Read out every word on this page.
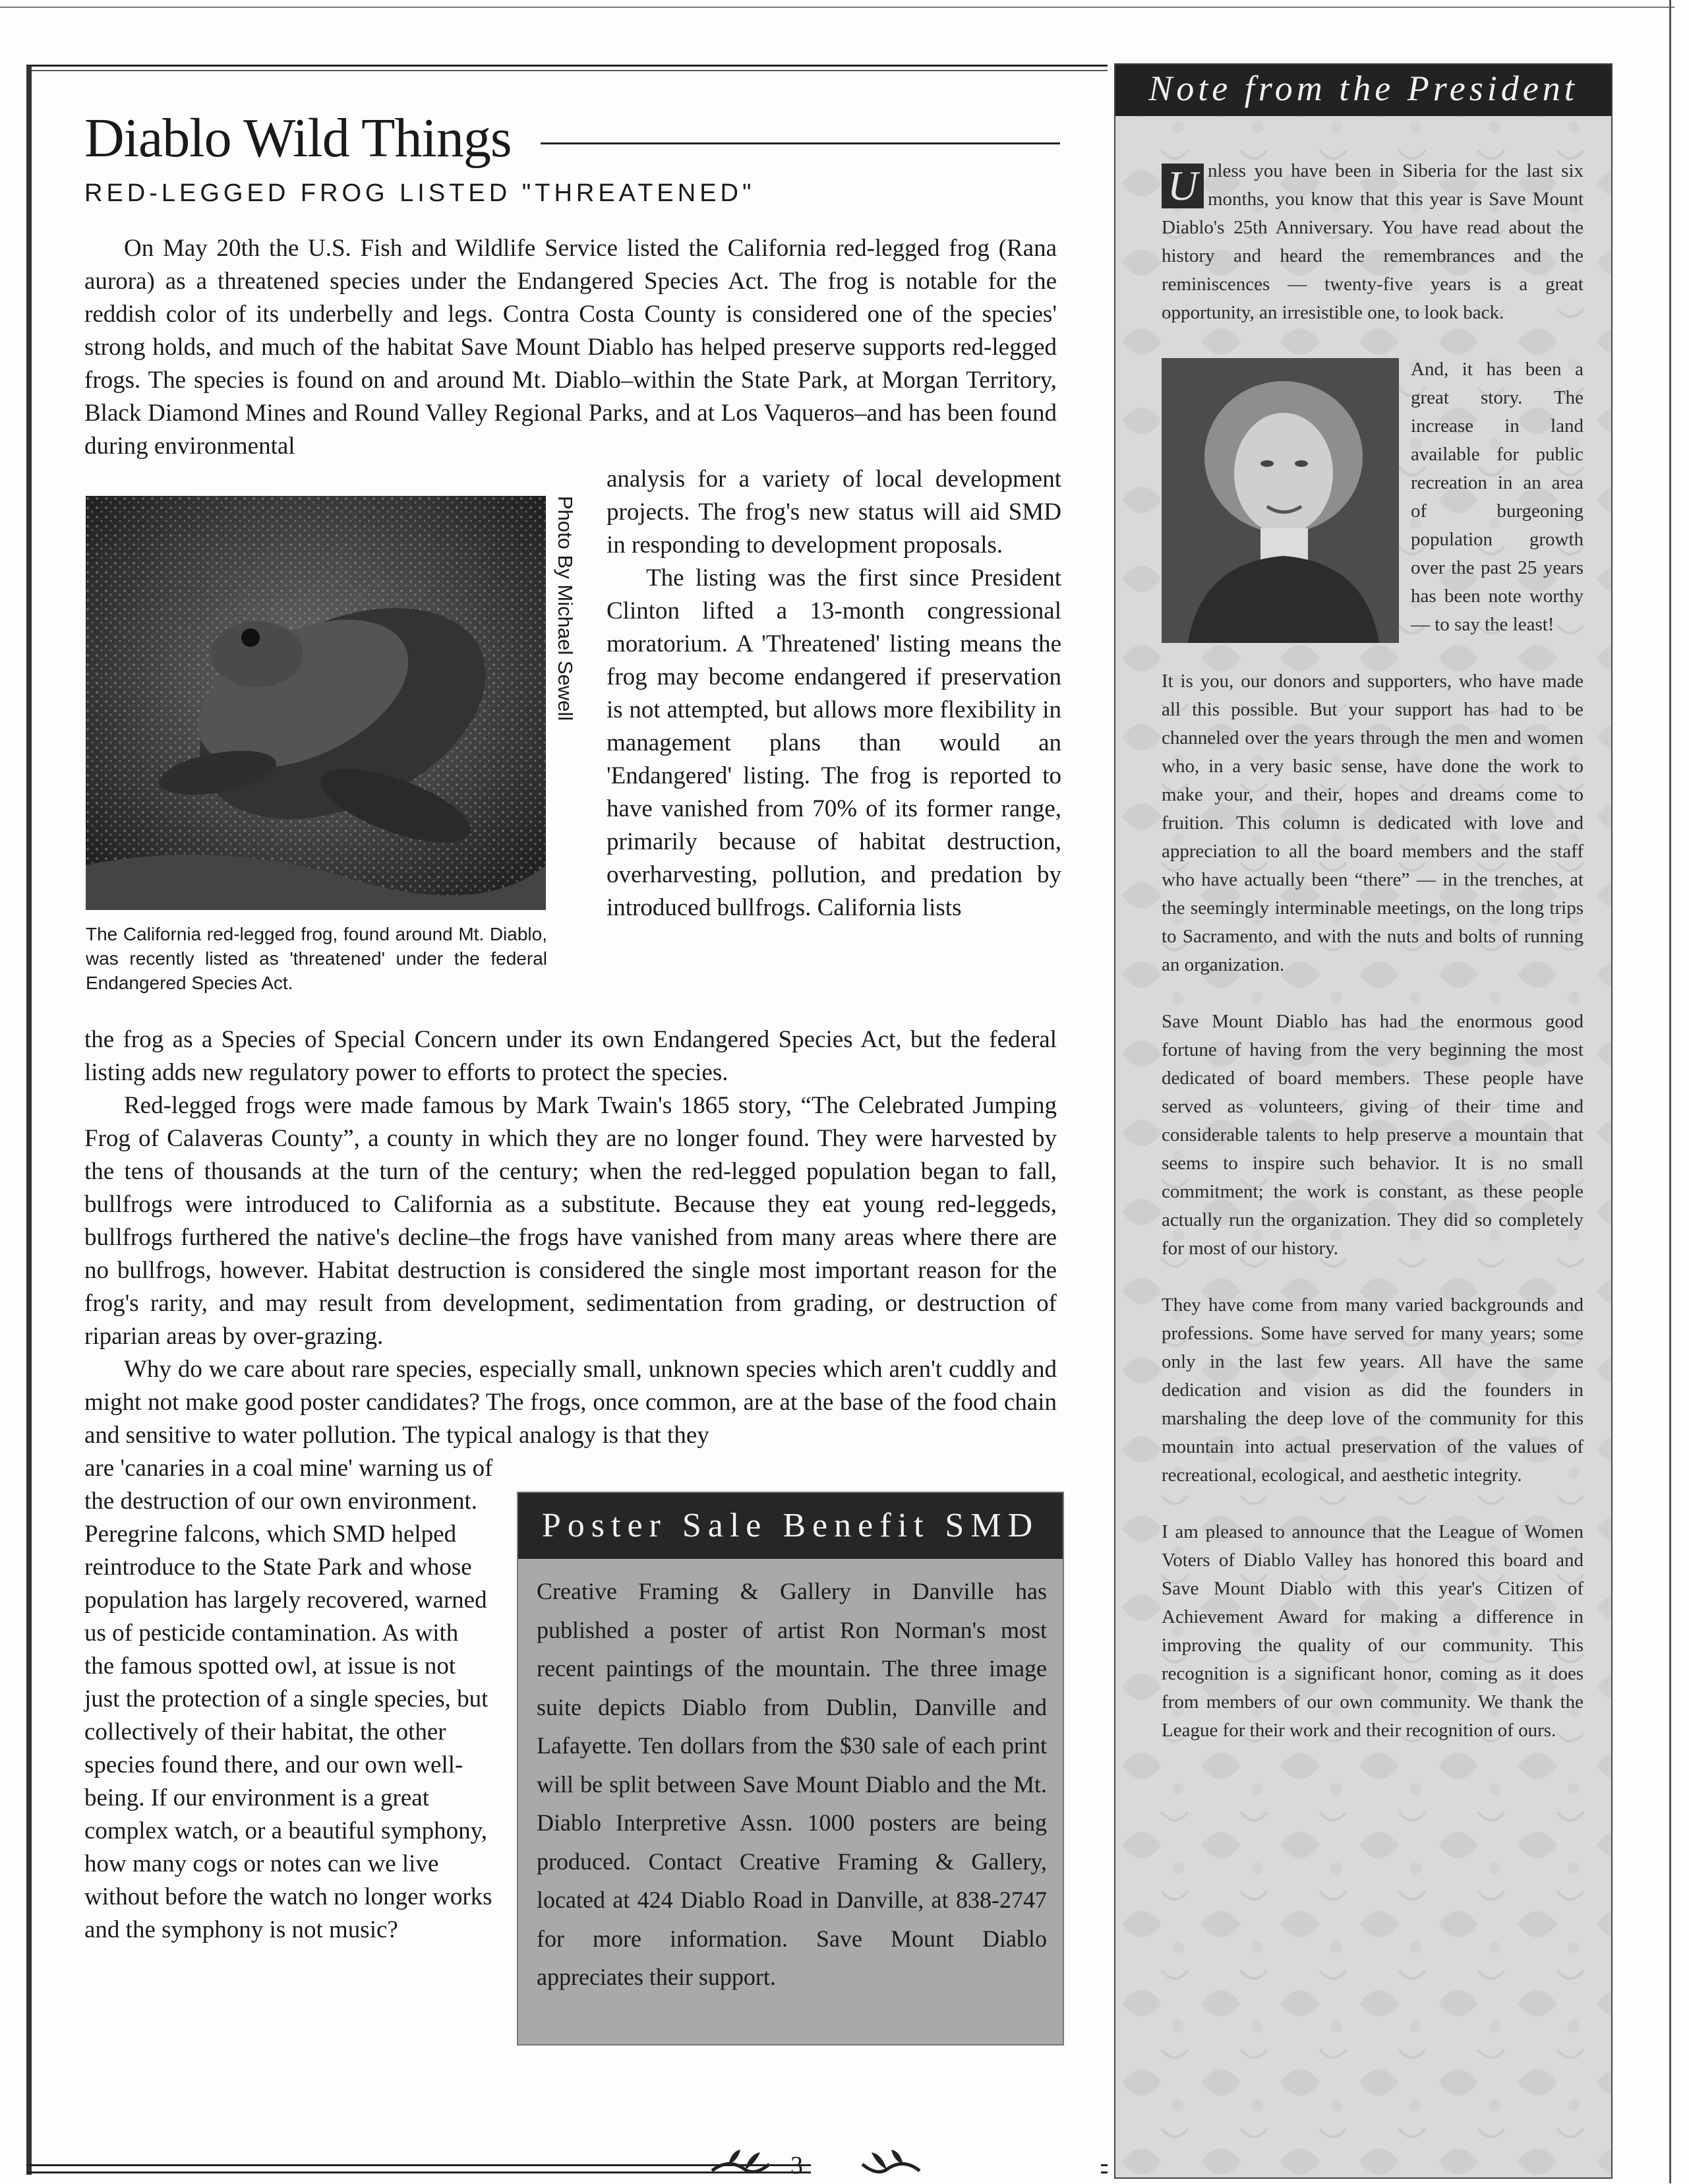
Diablo Wild Things
RED-LEGGED FROG LISTED "THREATENED"

On May 20th the U.S. Fish and Wildlife Service listed the California red-legged frog (Rana aurora) as a threatened species under the Endangered Species Act. The frog is notable for the reddish color of its underbelly and legs. Contra Costa County is considered one of the species' strong holds, and much of the habitat Save Mount Diablo has helped preserve supports red-legged frogs. The species is found on and around Mt. Diablo–within the State Park, at Morgan Territory, Black Diamond Mines and Round Valley Regional Parks, and at Los Vaqueros–and has been found during environmental

Photo By Michael Sewell
The California red-legged frog, found around Mt. Diablo, was recently listed as 'threatened' under the federal Endangered Species Act.

analysis for a variety of local development projects. The frog's new status will aid SMD in responding to development proposals.

The listing was the first since President Clinton lifted a 13-month congressional moratorium. A 'Threatened' listing means the frog may become endangered if preservation is not attempted, but allows more flexibility in management plans than would an 'Endangered' listing. The frog is reported to have vanished from 70% of its former range, primarily because of habitat destruction, overharvesting, pollution, and predation by introduced bullfrogs. California lists

the frog as a Species of Special Concern under its own Endangered Species Act, but the federal listing adds new regulatory power to efforts to protect the species.

Red-legged frogs were made famous by Mark Twain's 1865 story, “The Celebrated Jumping Frog of Calaveras County”, a county in which they are no longer found. They were harvested by the tens of thousands at the turn of the century; when the red-legged population began to fall, bullfrogs were introduced to California as a substitute. Because they eat young red-leggeds, bullfrogs furthered the native's decline–the frogs have vanished from many areas where there are no bullfrogs, however. Habitat destruction is considered the single most important reason for the frog's rarity, and may result from development, sedimentation from grading, or destruction of riparian areas by over-grazing.

Why do we care about rare species, especially small, unknown species which aren't cuddly and might not make good poster candidates? The frogs, once common, are at the base of the food chain and sensitive to water pollution. The typical analogy is that they

are 'canaries in a coal mine' warning us of the destruction of our own environment. Peregrine falcons, which SMD helped reintroduce to the State Park and whose population has largely recovered, warned us of pesticide contamination. As with the famous spotted owl, at issue is not just the protection of a single species, but collectively of their habitat, the other species found there, and our own well-being. If our environment is a great complex watch, or a beautiful symphony, how many cogs or notes can we live without before the watch no longer works and the symphony is not music?

Poster Sale Benefit SMD
Creative Framing & Gallery in Danville has published a poster of artist Ron Norman's most recent paintings of the mountain. The three image suite depicts Diablo from Dublin, Danville and Lafayette. Ten dollars from the $30 sale of each print will be split between Save Mount Diablo and the Mt. Diablo Interpretive Assn. 1000 posters are being produced. Contact Creative Framing & Gallery, located at 424 Diablo Road in Danville, at 838-2747 for more information. Save Mount Diablo appreciates their support.
Note from the President

U nless you have been in Siberia for the last six months, you know that this year is Save Mount Diablo's 25th Anniversary. You have read about the history and heard the remembrances and the reminiscences — twenty-five years is a great opportunity, an irresistible one, to look back.

And, it has been a great story. The increase in land available for public recreation in an area of burgeoning population growth over the past 25 years has been note worthy — to say the least!

It is you, our donors and supporters, who have made all this possible. But your support has had to be channeled over the years through the men and women who, in a very basic sense, have done the work to make your, and their, hopes and dreams come to fruition. This column is dedicated with love and appreciation to all the board members and the staff who have actually been “there” — in the trenches, at the seemingly interminable meetings, on the long trips to Sacramento, and with the nuts and bolts of running an organization.

Save Mount Diablo has had the enormous good fortune of having from the very beginning the most dedicated of board members. These people have served as volunteers, giving of their time and considerable talents to help preserve a mountain that seems to inspire such behavior. It is no small commitment; the work is constant, as these people actually run the organization. They did so completely for most of our history.

They have come from many varied backgrounds and professions. Some have served for many years; some only in the last few years. All have the same dedication and vision as did the founders in marshaling the deep love of the community for this mountain into actual preservation of the values of recreational, ecological, and aesthetic integrity.

I am pleased to announce that the League of Women Voters of Diablo Valley has honored this board and Save Mount Diablo with this year's Citizen of Achievement Award for making a difference in improving the quality of our community. This recognition is a significant honor, coming as it does from members of our own community. We thank the League for their work and their recognition of ours.

3
